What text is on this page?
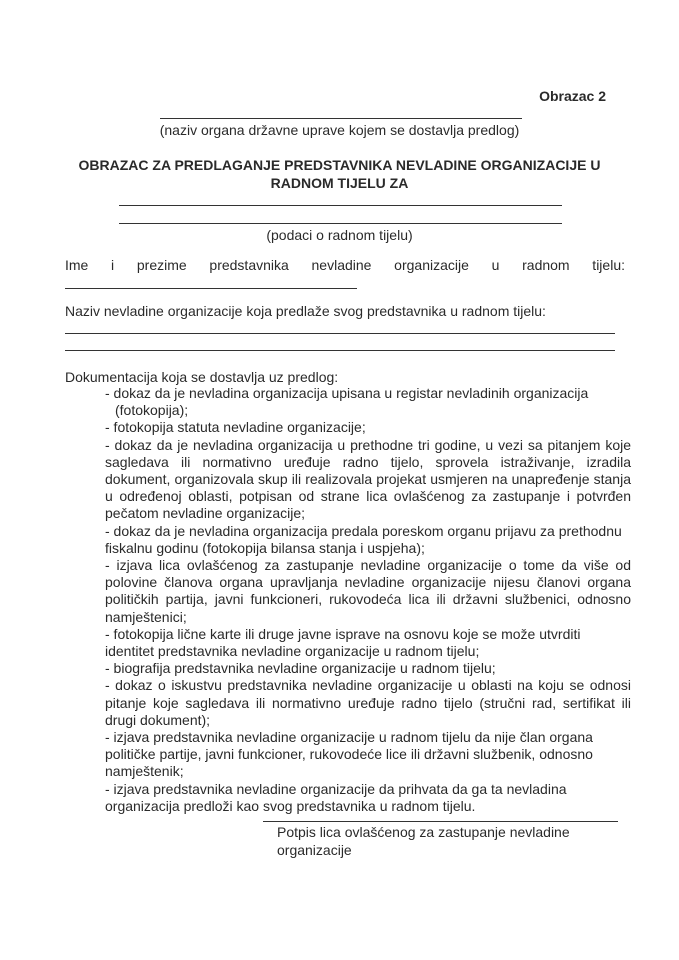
Obrazac 2
(naziv organa državne uprave kojem se dostavlja predlog)
OBRAZAC ZA PREDLAGANJE PREDSTAVNIKA NEVLADINE ORGANIZACIJE U
RADNOM TIJELU ZA
(podaci o radnom tijelu)
Ime i prezime predstavnika nevladine organizacije u radnom tijelu:
Naziv nevladine organizacije koja predlaže svog predstavnika u radnom tijelu:
Dokumentacija koja se dostavlja uz predlog:
- dokaz da je nevladina organizacija upisana u registar nevladinih organizacija
(fotokopija);
- fotokopija statuta nevladine organizacije;
- dokaz da je nevladina organizacija u prethodne tri godine, u vezi sa pitanjem koje sagledava ili normativno uređuje radno tijelo, sprovela istraživanje, izradila dokument, organizovala skup ili realizovala projekat usmjeren na unapređenje stanja u određenoj oblasti, potpisan od strane lica ovlašćenog za zastupanje i potvrđen pečatom nevladine organizacije;
- dokaz da je nevladina organizacija predala poreskom organu prijavu za prethodnu fiskalnu godinu (fotokopija bilansa stanja i uspjeha);
- izjava lica ovlašćenog za zastupanje nevladine organizacije o tome da više od polovine članova organa upravljanja nevladine organizacije nijesu članovi organa političkih partija, javni funkcioneri, rukovodeća lica ili državni službenici, odnosno namještenici;
- fotokopija lične karte ili druge javne isprave na osnovu koje se može utvrditi identitet predstavnika nevladine organizacije u radnom tijelu;
- biografija predstavnika nevladine organizacije u radnom tijelu;
- dokaz o iskustvu predstavnika nevladine organizacije u oblasti na koju se odnosi pitanje koje sagledava ili normativno uređuje radno tijelo (stručni rad, sertifikat ili drugi dokument);
- izjava predstavnika nevladine organizacije u radnom tijelu da nije član organa političke partije, javni funkcioner, rukovodeće lice ili državni službenik, odnosno namještenik;
- izjava predstavnika nevladine organizacije da prihvata da ga ta nevladina organizacija predloži kao svog predstavnika u radnom tijelu.
Potpis lica ovlašćenog za zastupanje nevladine organizacije
